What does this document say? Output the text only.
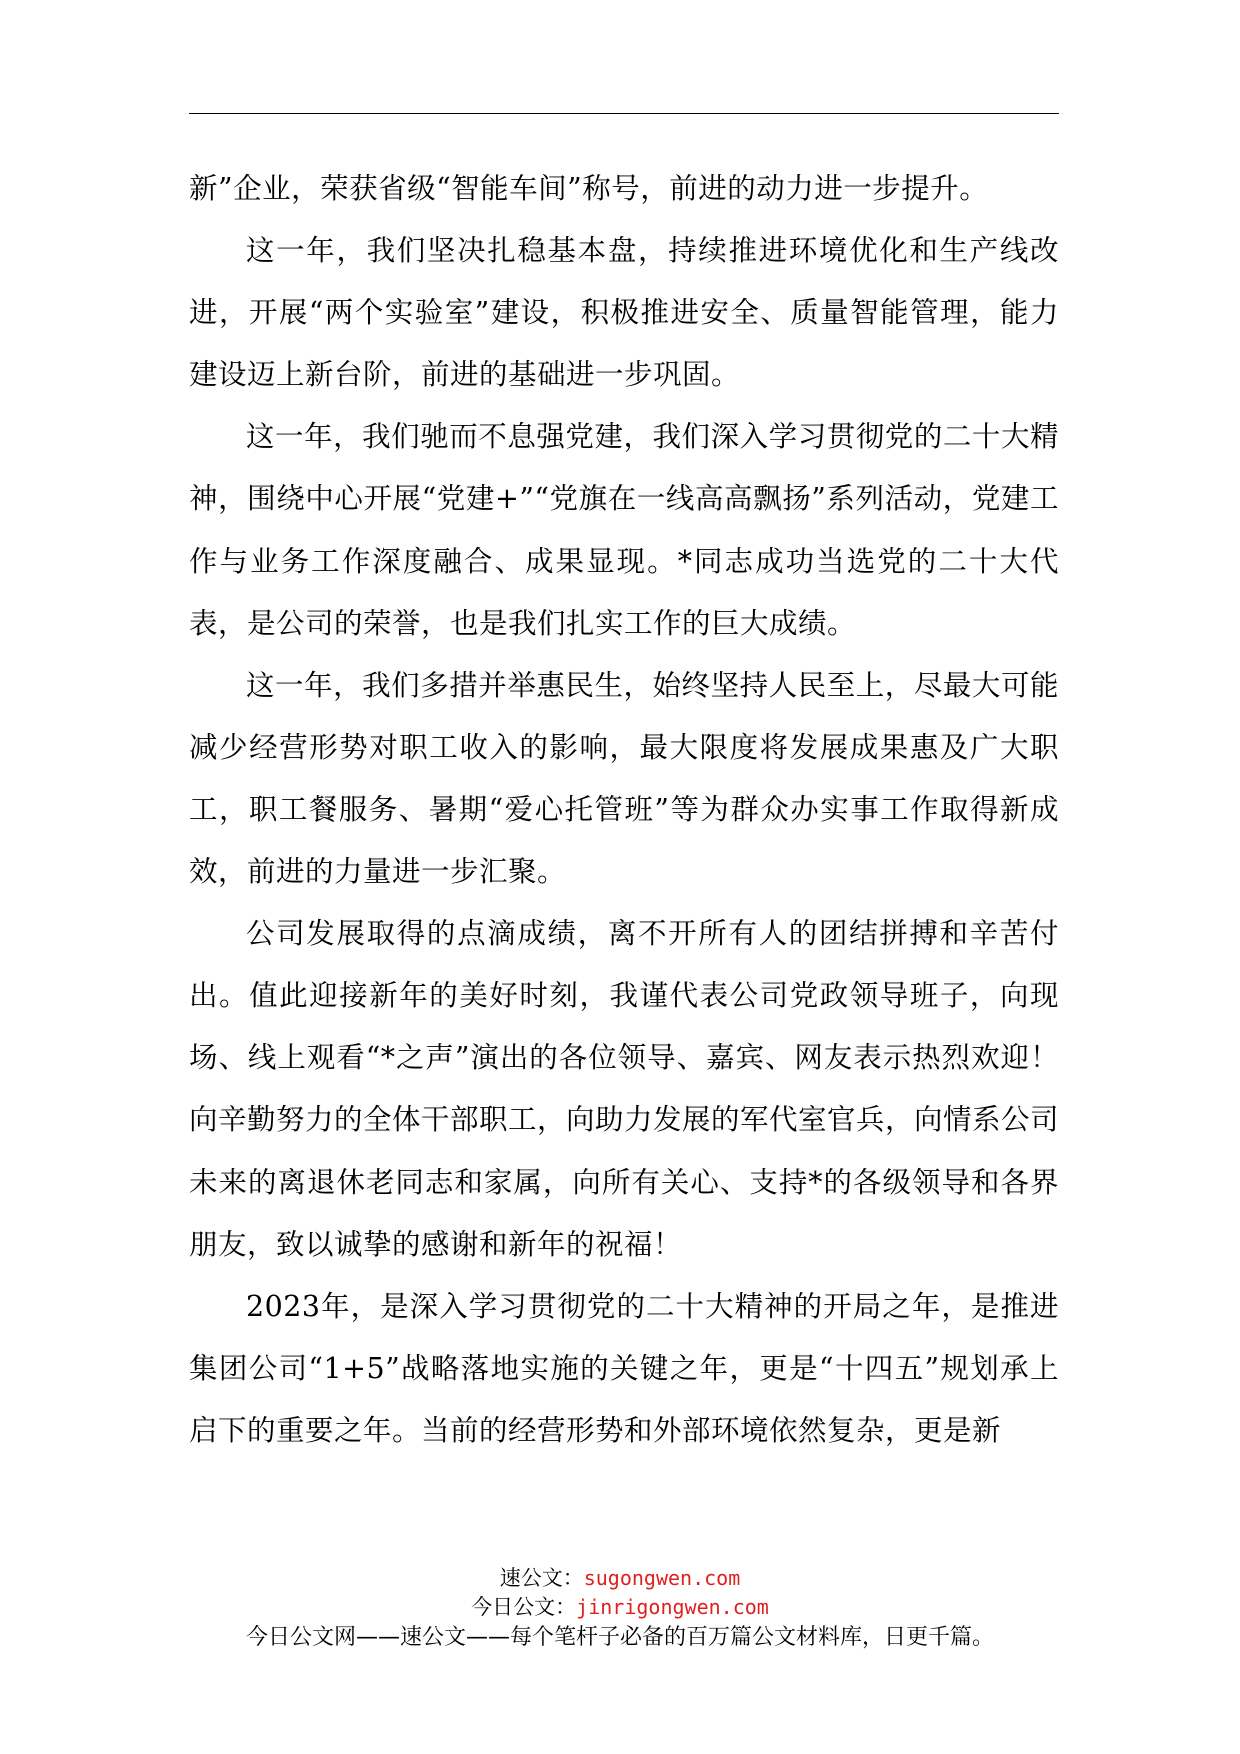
新”企业，荣获省级“智能车间”称号，前进的动力进一步提升。

这一年，我们坚决扎稳基本盘，持续推进环境优化和生产线改进，开展“两个实验室”建设，积极推进安全、质量智能管理，能力建设迈上新台阶，前进的基础进一步巩固。

这一年，我们驰而不息强党建，我们深入学习贯彻党的二十大精神，围绕中心开展“党建+”“党旗在一线高高飘扬”系列活动，党建工作与业务工作深度融合、成果显现。*同志成功当选党的二十大代表，是公司的荣誉，也是我们扎实工作的巨大成绩。

这一年，我们多措并举惠民生，始终坚持人民至上，尽最大可能减少经营形势对职工收入的影响，最大限度将发展成果惠及广大职工，职工餐服务、暑期“爱心托管班”等为群众办实事工作取得新成效，前进的力量进一步汇聚。

公司发展取得的点滴成绩，离不开所有人的团结拼搏和辛苦付出。值此迎接新年的美好时刻，我谨代表公司党政领导班子，向现场、线上观看“*之声”演出的各位领导、嘉宾、网友表示热烈欢迎！向辛勤努力的全体干部职工，向助力发展的军代室官兵，向情系公司未来的离退休老同志和家属，向所有关心、支持*的各级领导和各界朋友，致以诚挚的感谢和新年的祝福！

2023年，是深入学习贯彻党的二十大精神的开局之年，是推进集团公司“1+5”战略落地实施的关键之年，更是“十四五”规划承上启下的重要之年。当前的经营形势和外部环境依然复杂，更是新

速公文：sugongwen.com
今日公文：jinrigongwen.com
今日公文网——速公文——每个笔杆子必备的百万篇公文材料库，日更千篇。
